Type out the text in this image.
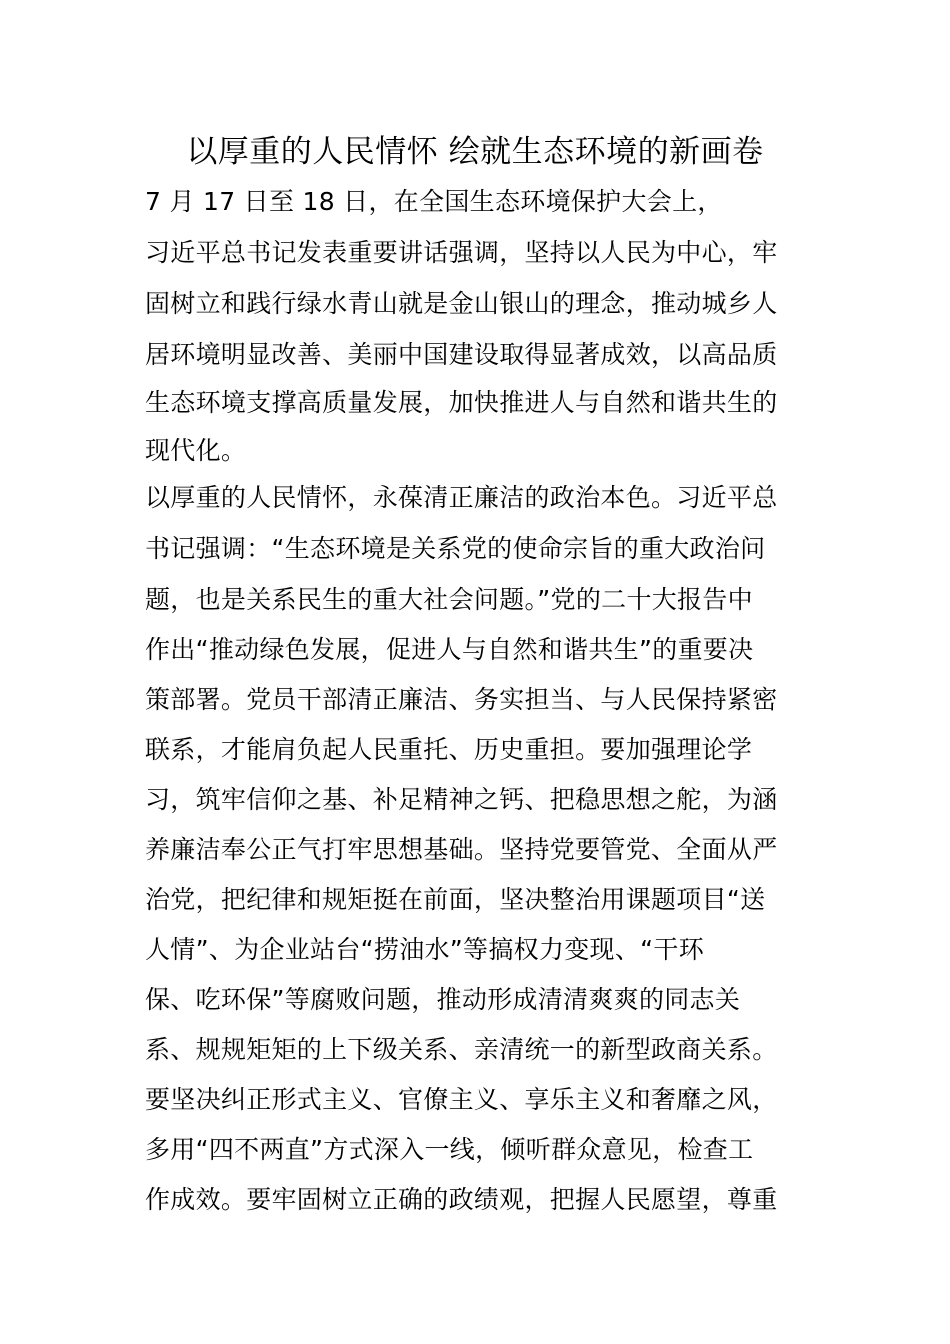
以厚重的人民情怀 绘就生态环境的新画卷
7 月 17 日至 18 日，在全国生态环境保护大会上，
习近平总书记发表重要讲话强调，坚持以人民为中心，牢
固树立和践行绿水青山就是金山银山的理念，推动城乡人
居环境明显改善、美丽中国建设取得显著成效，以高品质
生态环境支撑高质量发展，加快推进人与自然和谐共生的
现代化。
以厚重的人民情怀，永葆清正廉洁的政治本色。习近平总
书记强调：“生态环境是关系党的使命宗旨的重大政治问
题，也是关系民生的重大社会问题。”党的二十大报告中
作出“推动绿色发展，促进人与自然和谐共生”的重要决
策部署。党员干部清正廉洁、务实担当、与人民保持紧密
联系，才能肩负起人民重托、历史重担。要加强理论学
习，筑牢信仰之基、补足精神之钙、把稳思想之舵，为涵
养廉洁奉公正气打牢思想基础。坚持党要管党、全面从严
治党，把纪律和规矩挺在前面，坚决整治用课题项目“送
人情”、为企业站台“捞油水”等搞权力变现、“干环
保、吃环保”等腐败问题，推动形成清清爽爽的同志关
系、规规矩矩的上下级关系、亲清统一的新型政商关系。
要坚决纠正形式主义、官僚主义、享乐主义和奢靡之风，
多用“四不两直”方式深入一线，倾听群众意见，检查工
作成效。要牢固树立正确的政绩观，把握人民愿望，尊重
